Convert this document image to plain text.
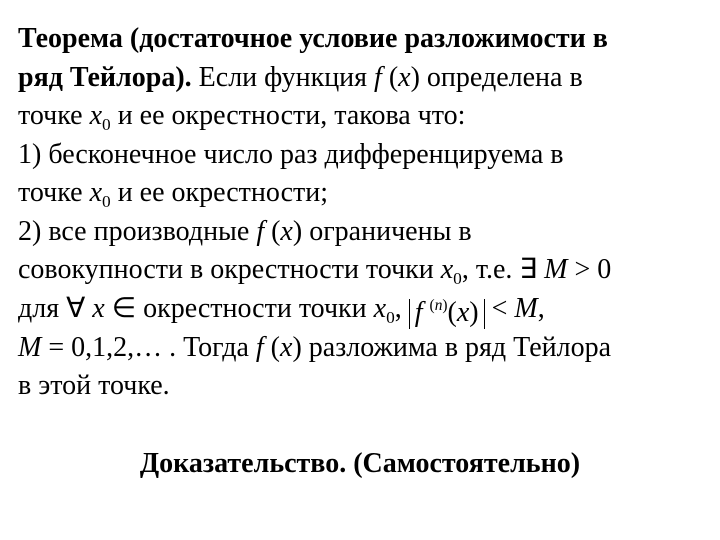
Теорема (достаточное условие разложимости в
ряд Тейлора). Если функция f (x) определена в
точке $x_0$ и ее окрестности, такова что:
1) бесконечное число раз дифференцируема в
точке $x_0$ и ее окрестности;
2) все производные f (x) ограничены в
совокупности в окрестности точки $x_0$, т.е. ∃ M > 0
для ∀ x ∈ окрестности точки $x_0$, f $^{(n)}$(x) < M,
M = 0,1,2,… . Тогда f (x) разложима в ряд Тейлора
в этой точке.
Доказательство. (Самостоятельно)
